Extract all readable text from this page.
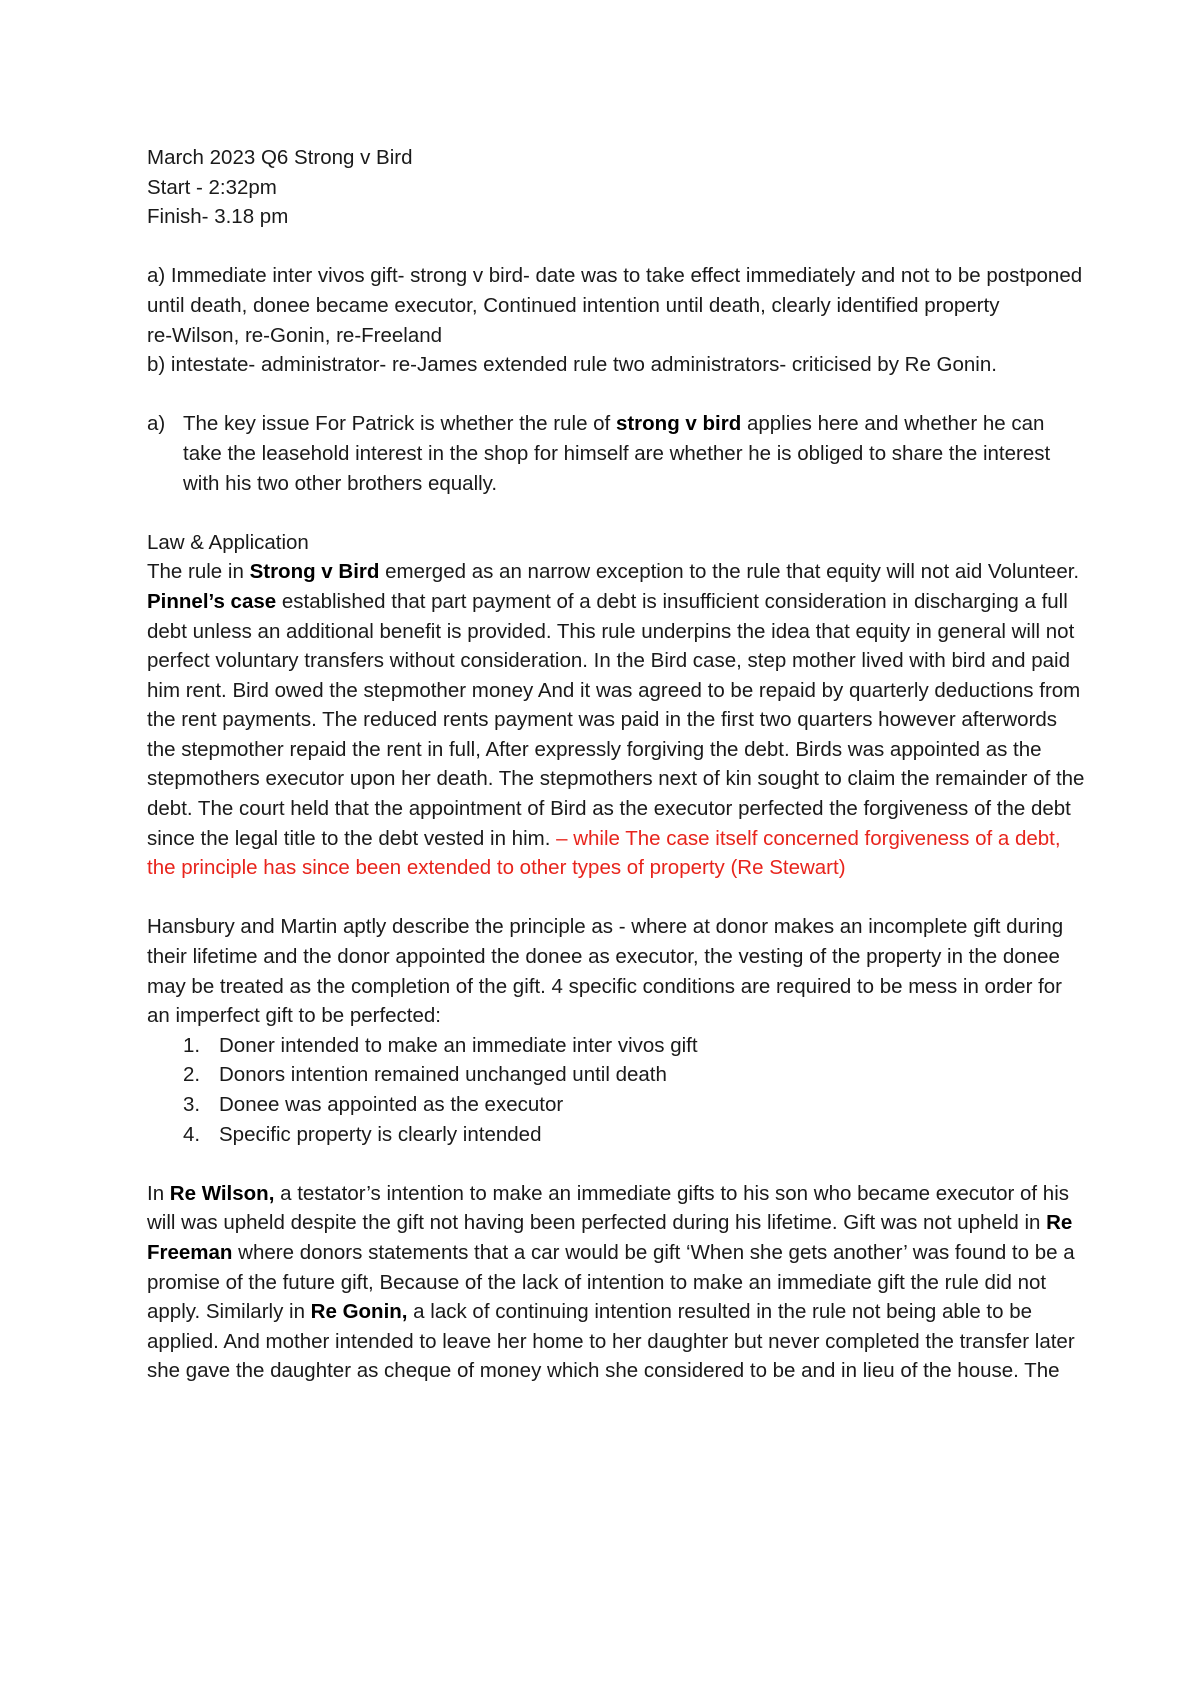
March 2023 Q6 Strong v Bird

Start - 2:32pm

Finish- 3.18 pm

a) Immediate inter vivos gift- strong v bird- date was to take effect immediately and not to be postponed until death, donee became executor, Continued intention until death, clearly identified property

re-Wilson, re-Gonin, re-Freeland

b) intestate- administrator- re-James extended rule two administrators- criticised by Re Gonin.

a) The key issue For Patrick is whether the rule of strong v bird applies here and whether he can take the leasehold interest in the shop for himself are whether he is obliged to share the interest with his two other brothers equally.

Law & Application

The rule in Strong v Bird emerged as an narrow exception to the rule that equity will not aid Volunteer. Pinnel’s case established that part payment of a debt is insufficient consideration in discharging a full debt unless an additional benefit is provided. This rule underpins the idea that equity in general will not perfect voluntary transfers without consideration. In the Bird case, step mother lived with bird and paid him rent. Bird owed the stepmother money And it was agreed to be repaid by quarterly deductions from the rent payments. The reduced rents payment was paid in the first two quarters however afterwords the stepmother repaid the rent in full, After expressly forgiving the debt. Birds was appointed as the stepmothers executor upon her death. The stepmothers next of kin sought to claim the remainder of the debt. The court held that the appointment of Bird as the executor perfected the forgiveness of the debt since the legal title to the debt vested in him. – while The case itself concerned forgiveness of a debt, the principle has since been extended to other types of property (Re Stewart)

Hansbury and Martin aptly describe the principle as - where at donor makes an incomplete gift during their lifetime and the donor appointed the donee as executor, the vesting of the property in the donee may be treated as the completion of the gift. 4 specific conditions are required to be mess in order for an imperfect gift to be perfected:

1. Doner intended to make an immediate inter vivos gift
2. Donors intention remained unchanged until death
3. Donee was appointed as the executor
4. Specific property is clearly intended

In Re Wilson, a testator’s intention to make an immediate gifts to his son who became executor of his will was upheld despite the gift not having been perfected during his lifetime. Gift was not upheld in Re Freeman where donors statements that a car would be gift ‘When she gets another’ was found to be a promise of the future gift, Because of the lack of intention to make an immediate gift the rule did not apply. Similarly in Re Gonin, a lack of continuing intention resulted in the rule not being able to be applied. And mother intended to leave her home to her daughter but never completed the transfer later she gave the daughter as cheque of money which she considered to be and in lieu of the house. The
